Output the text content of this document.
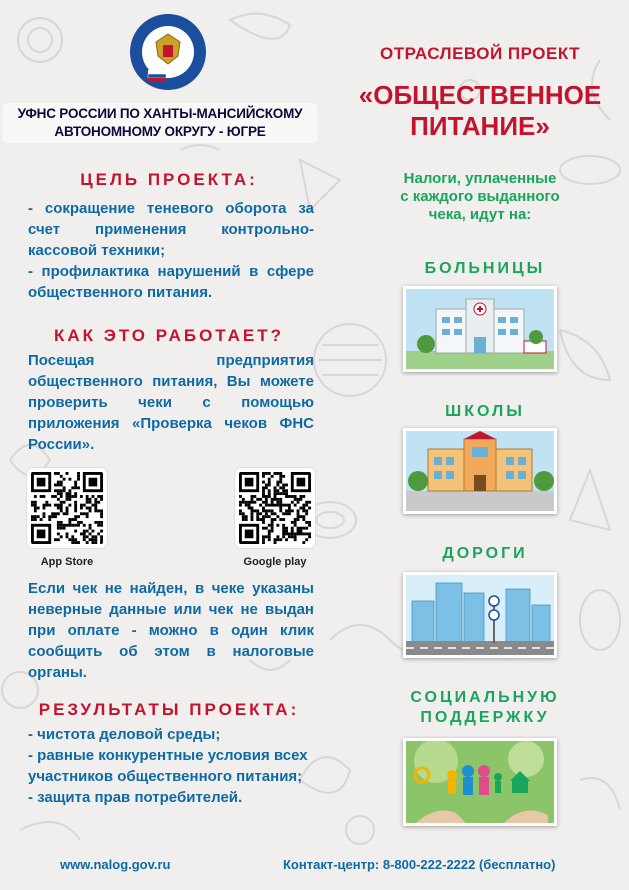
УФНС РОССИИ ПО ХАНТЫ-МАНСИЙСКОМУ
АВТОНОМНОМУ ОКРУГУ - ЮГРЕ
ОТРАСЛЕВОЙ ПРОЕКТ
«ОБЩЕСТВЕННОЕ
ПИТАНИЕ»
ЦЕЛЬ ПРОЕКТА:
- сокращение теневого оборота за счет применения контрольно- кассовой техники;
- профилактика нарушений в сфере общественного питания.
КАК ЭТО РАБОТАЕТ?
Посещая предприятия общественного питания, Вы можете проверить чеки с помощью приложения «Проверка чеков ФНС России».
App Store	Google play
Если чек не найден, в чеке указаны неверные данные или чек не выдан при оплате - можно в один клик сообщить об этом в налоговые органы.
РЕЗУЛЬТАТЫ ПРОЕКТА:
- чистота деловой среды;
- равные конкурентные условия всех участников общественного питания;
- защита прав потребителей.
Налоги, уплаченные
с каждого выданного
чека, идут на:
БОЛЬНИЦЫ
ШКОЛЫ
ДОРОГИ
СОЦИАЛЬНУЮ
ПОДДЕРЖКУ
www.nalog.gov.ru	Контакт-центр: 8-800-222-2222 (бесплатно)
